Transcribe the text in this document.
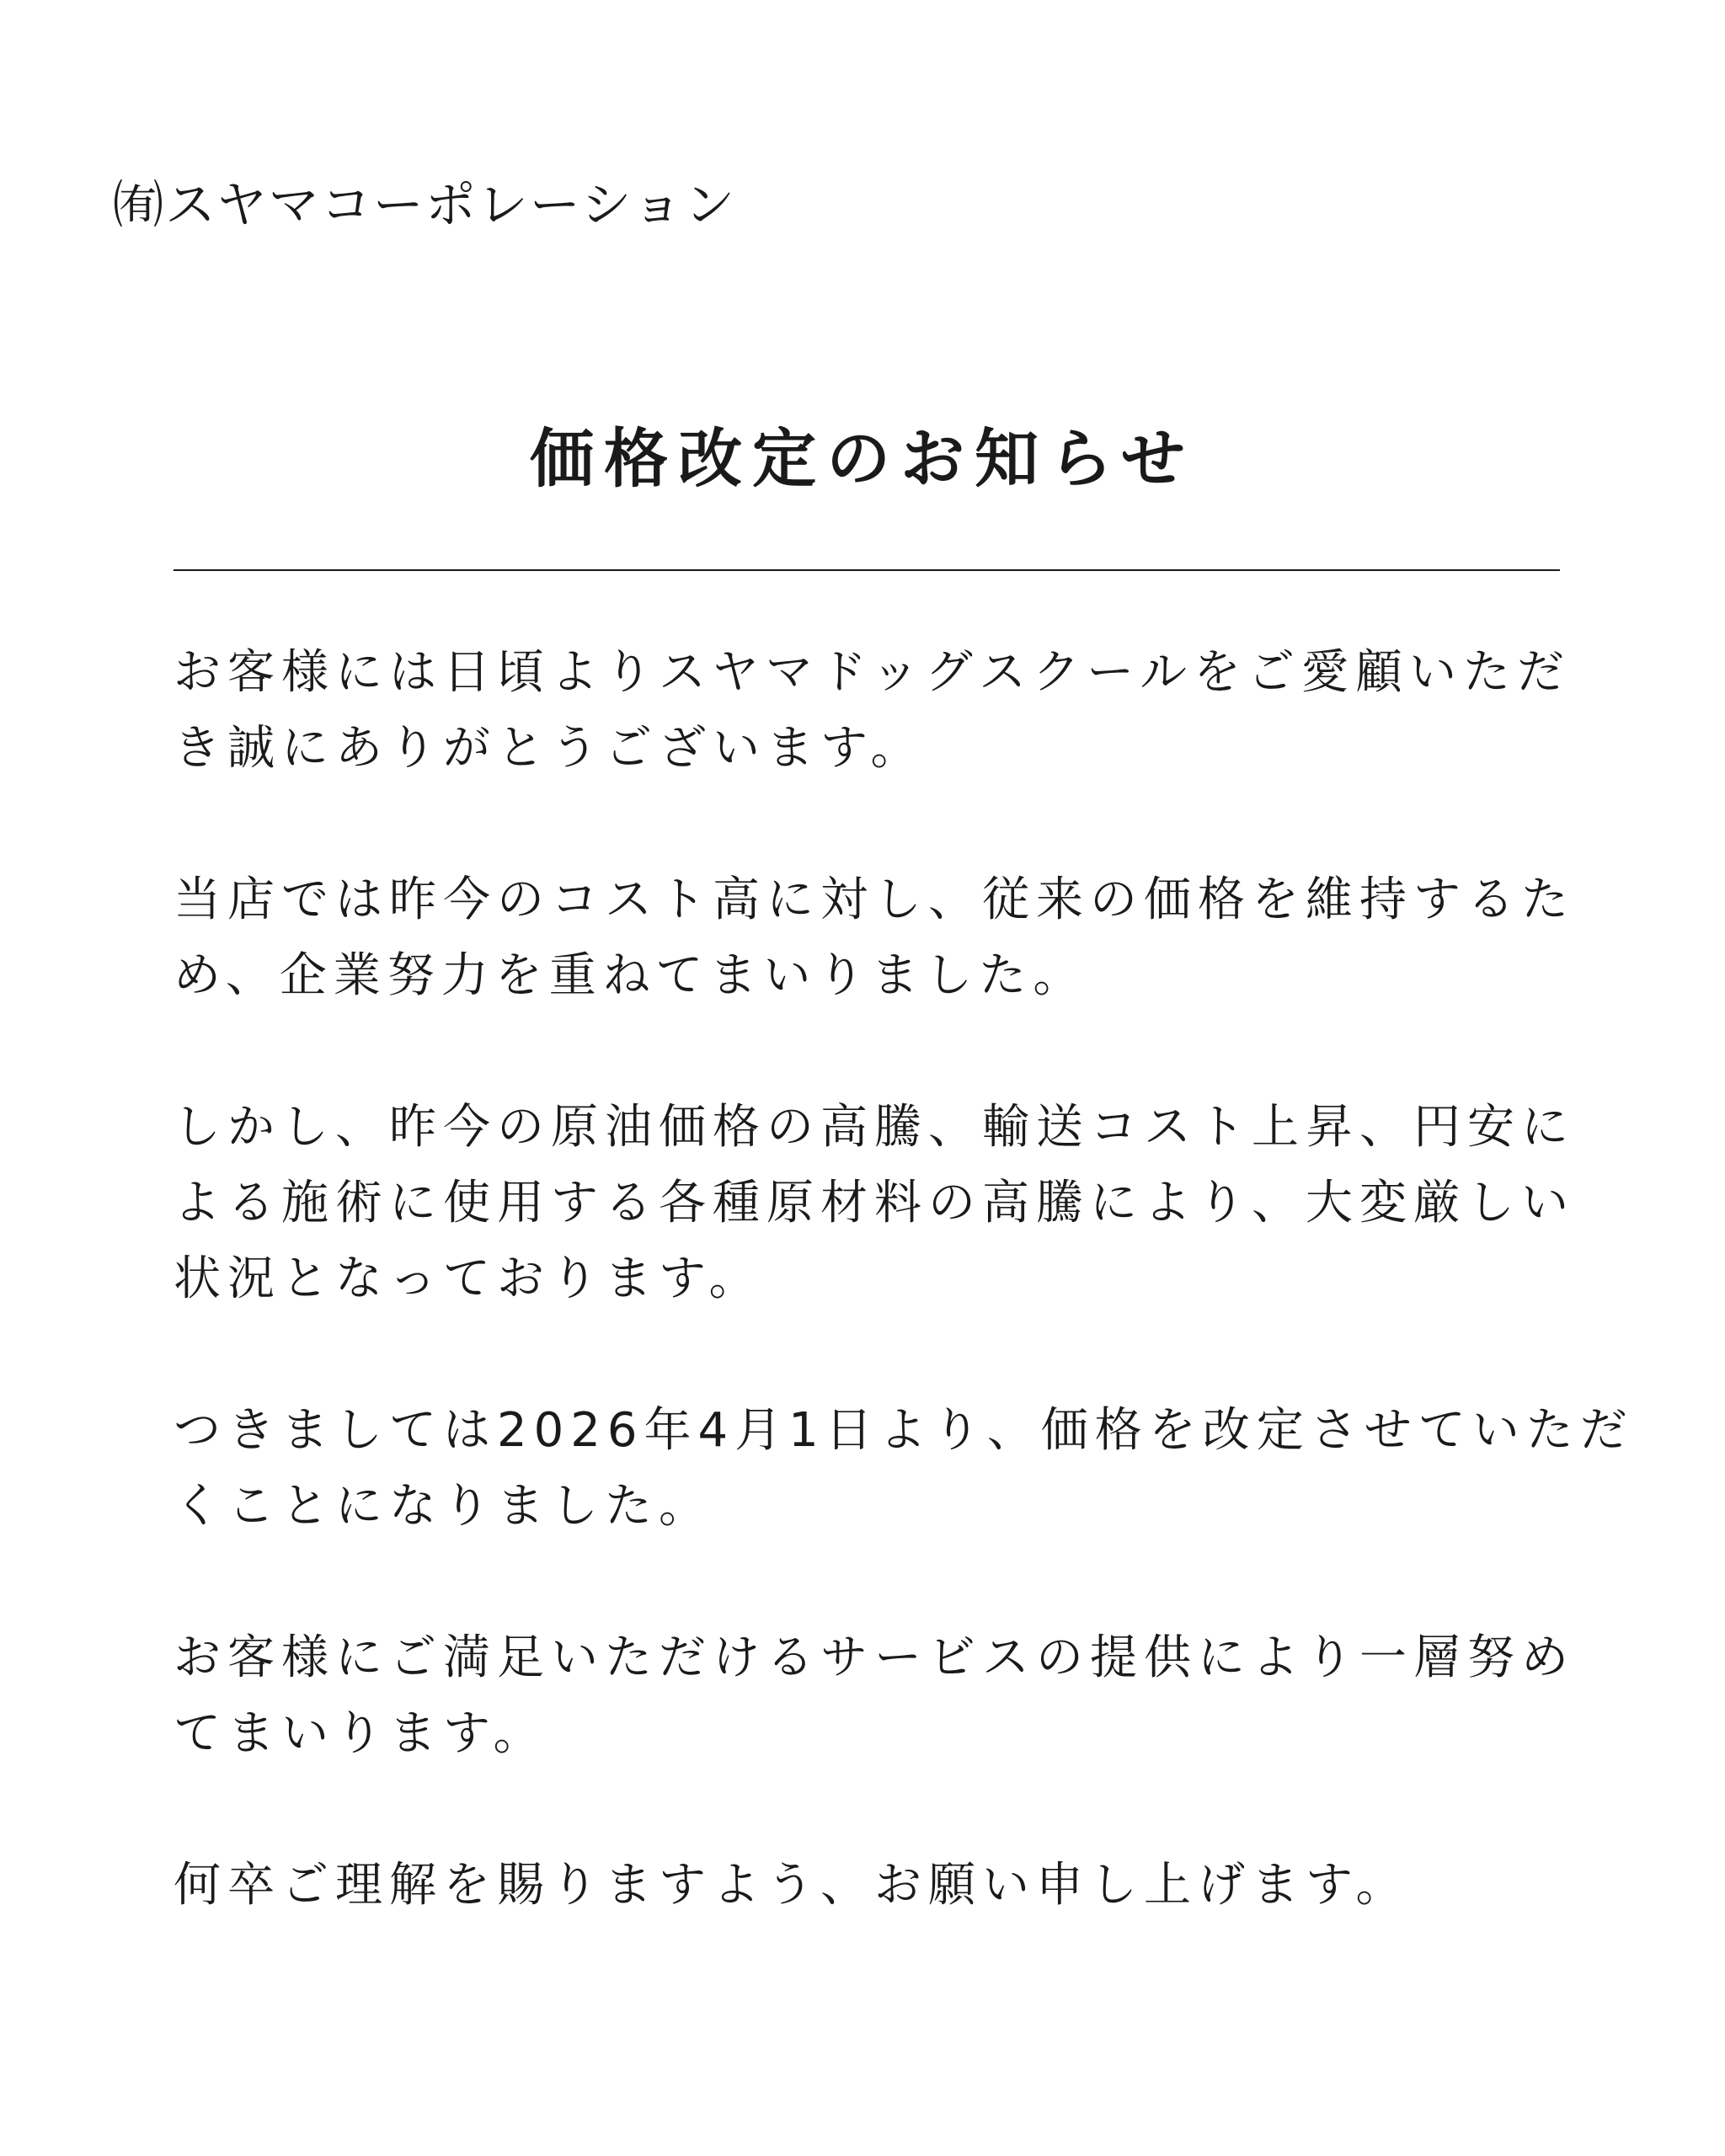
㈲スヤマコーポレーション
価格改定のお知らせ

お客様には日頃よりスヤマドッグスクールをご愛顧いただ
き誠にありがとうございます。

当店では昨今のコスト高に対し、従来の価格を維持するた
め、企業努力を重ねてまいりました。

しかし、昨今の原油価格の高騰、輸送コスト上昇、円安に
よる施術に使用する各種原材料の高騰により、大変厳しい
状況となっております。

つきましては2026年4月1日より、価格を改定させていただ
くことになりました。

お客様にご満足いただけるサービスの提供により一層努め
てまいります。

何卒ご理解を賜りますよう、お願い申し上げます。
